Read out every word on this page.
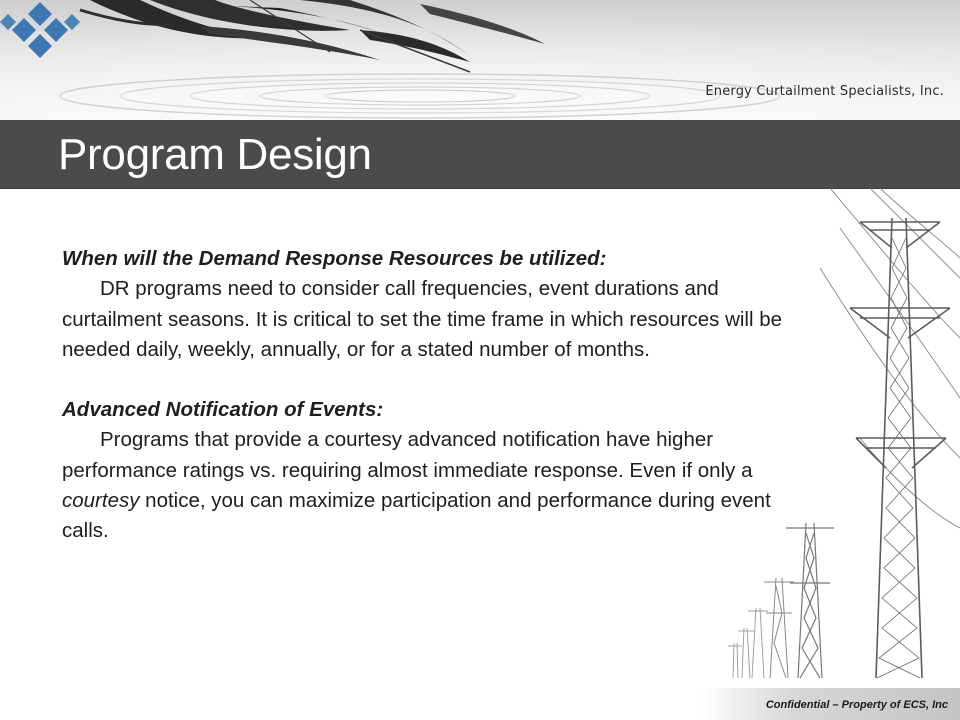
Energy Curtailment Specialists, Inc.
Program Design

When will the Demand Response Resources be utilized:

DR programs need to consider call frequencies, event durations and curtailment seasons. It is critical to set the time frame in which resources will be needed daily, weekly, annually, or for a stated number of months.

Advanced Notification of Events:

Programs that provide a courtesy advanced notification have higher performance ratings vs. requiring almost immediate response. Even if only a courtesy notice, you can maximize participation and performance during event calls.

Confidential – Property of ECS, Inc
